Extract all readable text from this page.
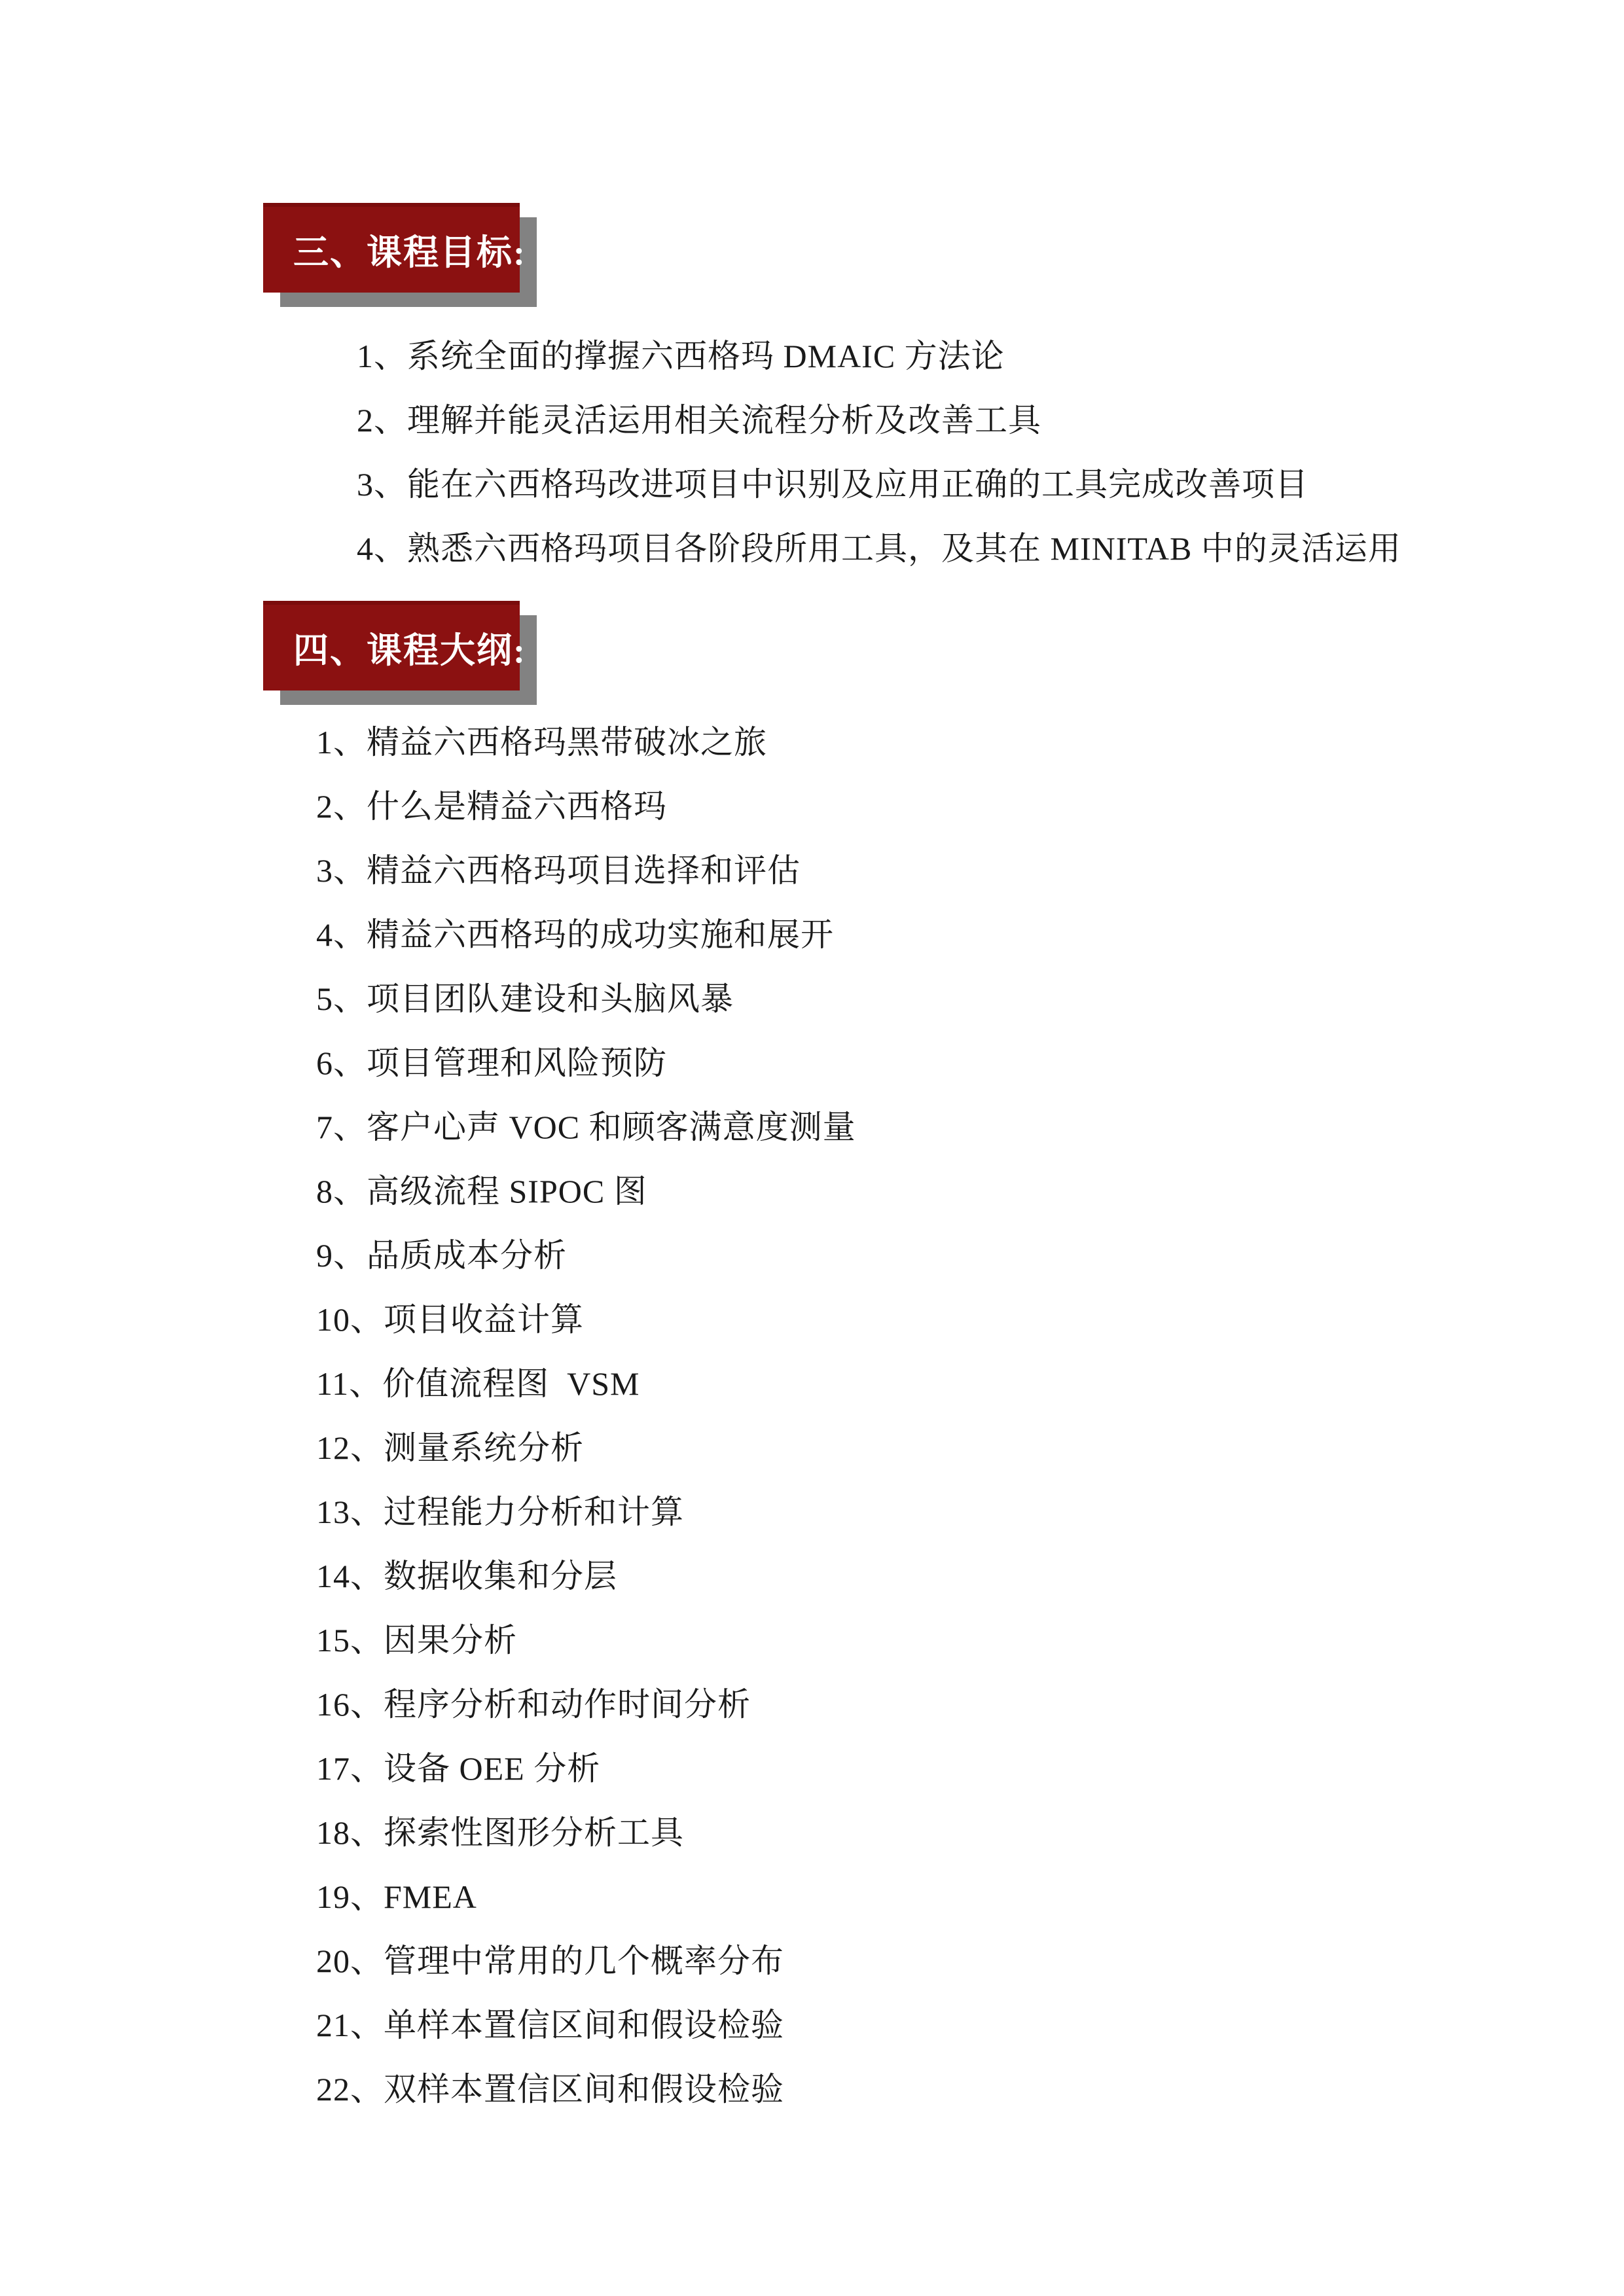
三、课程目标:
1、系统全面的撑握六西格玛 DMAIC 方法论
2、理解并能灵活运用相关流程分析及改善工具
3、能在六西格玛改进项目中识别及应用正确的工具完成改善项目
4、熟悉六西格玛项目各阶段所用工具，及其在 MINITAB 中的灵活运用
四、课程大纲:
1、精益六西格玛黑带破冰之旅
2、什么是精益六西格玛
3、精益六西格玛项目选择和评估
4、精益六西格玛的成功实施和展开
5、项目团队建设和头脑风暴
6、项目管理和风险预防
7、客户心声 VOC 和顾客满意度测量
8、高级流程 SIPOC 图
9、品质成本分析
10、项目收益计算
11、价值流程图  VSM
12、测量系统分析
13、过程能力分析和计算
14、数据收集和分层
15、因果分析
16、程序分析和动作时间分析
17、设备 OEE 分析
18、探索性图形分析工具
19、FMEA
20、管理中常用的几个概率分布
21、单样本置信区间和假设检验
22、双样本置信区间和假设检验
